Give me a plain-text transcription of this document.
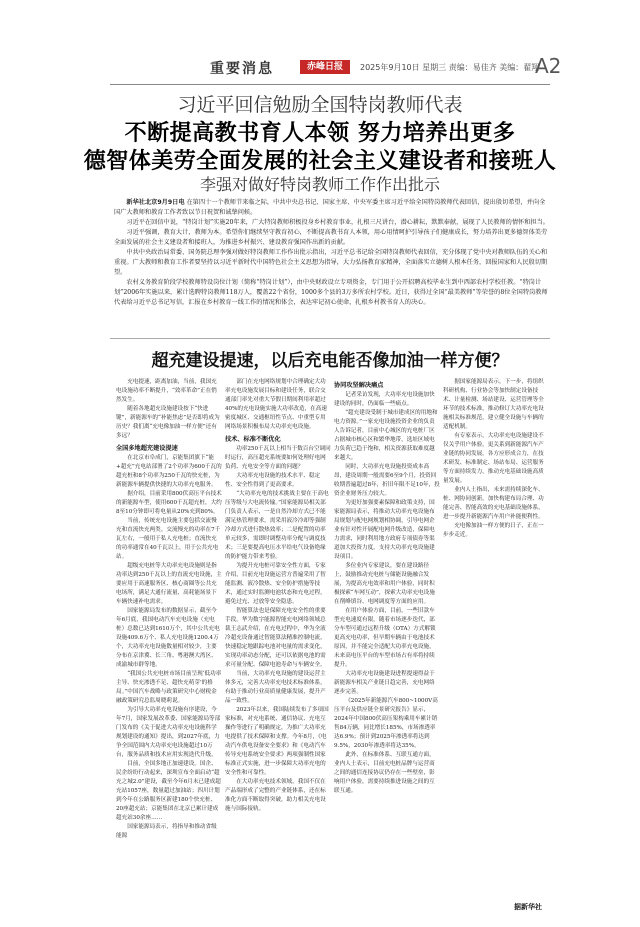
重要消息	赤峰日报	2025年9月10日 星期三 责编：易佳齐 美编：翟翔
A2
习近平回信勉励全国特岗教师代表
不断提高教书育人本领 努力培养出更多
德智体美劳全面发展的社会主义建设者和接班人
李强对做好特岗教师工作作出批示

新华社北京9月9日电 在第四十一个教师节来临之际，中共中央总书记、国家主席、中央军委主席习近平给全国特岗教师代表回信，提出殷切希望，并向全国广大教师和教育工作者致以节日祝贺和诚挚问候。

习近平在回信中说，“特岗计划”实施20年来，广大特岗教师积极投身乡村教育事业，扎根三尺讲台，潜心耕耘，默默奉献，展现了人民教师的情怀和担当。

习近平强调，教育大计，教师为本。希望你们继续坚守教育初心，不断提高教书育人本领，用心用情呵护引导孩子们健康成长，努力培养出更多德智体美劳全面发展的社会主义建设者和接班人，为推进乡村振兴、建设教育强国作出新的贡献。

中共中央政治局常委、国务院总理李强对做好特岗教师工作作出批示指出，习近平总书记给全国特岗教师代表回信，充分体现了党中央对教师队伍的关心和重视。广大教师和教育工作者要坚持以习近平新时代中国特色社会主义思想为指导，大力弘扬教育家精神，全面落实立德树人根本任务，回报国家和人民殷切期望。

农村义务教育阶段学校教师特设岗位计划（简称“特岗计划”），由中央财政设立专项资金，专门用于公开招聘高校毕业生到中西部农村学校任教。“特岗计划”2006年实施以来，累计选聘特岗教师118万人，覆盖22个省份，1000多个县的3万多所农村学校。近日，获得过全国“最美教师”等荣誉的8位全国特岗教师代表给习近平总书记写信，汇报在乡村教育一线工作的情况和体会，表达牢记初心使命，扎根乡村教书育人的决心。

超充建设提速，以后充电能否像加油一样方便？

充电提速，距离加油，当前，我国充电设施功率不断提升，“效率革命”正在悄然发生。

随着各地超充设施建设按下“快进键”，新能源车的“补能焦虑”是否即将成为历史？我们离“充电像加油一样方便”还有多远？

全国多地超充建设提速

在北京市阜成门，京能集团旗下“能+超充”充电站部署了2个功率为600千瓦的超充桩和8个功率为250千瓦的快充桩，为新能源车辆提供快捷的大功率充电服务。

据介绍，目前采用800伏高压平台技术的新能源车型，使用600千瓦超充桩，大约8至10分钟即可将电量从20%充到80%。

当前，传统充电设施主要包括交流慢充和直流快充两类。交流慢充的功率在7千瓦左右，一般用于私人充电桩；直流快充的功率通常在40千瓦以上，用于公共充电站。

超级充电桩等大功率充电设施则是指功率达到250千瓦以上的直流充电设施，主要应用于高速服务区、核心商圈等公共充电场所，满足大通行流量、高耗能场景下车辆快速补电需求。

国家能源局发布的数据显示，截至今年6月底，我国电动汽车充电设施（充电桩）总数已达到1610万个，其中公共充电设施409.6万个、私人充电设施1200.4万个，大功率充电设施数量相对较少，主要分布在京津冀、长三角、粤港澳大湾区、成渝城市群等地。

“我国公共充电桩市场目前呈现‘低功率主导、快充渗透不足、超快充萌芽’的格局。”中国汽车战略与政策研究中心财税金融政策研究总监周晓莉说。

为引导大功率充电设施有序建设，今年7月，国家发展改革委、国家能源局等部门发布的《关于促进大功率充电设施科学规划建设的通知》提出，到2027年底，力争全国范围内大功率充电设施超过10万台，服务品质和技术应用实现迭代升级。

目前，全国多地正加速建设。国企、民企纷纷行动起来，深圳宣布全面启动“超充之城2.0”建设，截至今年6月末已建成超充站1057座，数量超过加油站；四川计划到今年在公路服务区新建180个快充桩、20座超充站；京能集团在北京已累计建成超充站30余座……

国家能源局表示，将指导和推动省级能源

部门在充电网络规划中合理确定大功率充电设施发展目标和建设任务，联合交通部门率先对重大节假日期间利用率超过40%的充电设施实施大功率改造，在高速密度城区、交通枢纽性节点、中重型专用网络场景积极布局大功率充电设施。

技术、标准不断优化

功率250千瓦以上相当于数百台空调同时运行，高压超充系统要如何处理好电网负荷、充电安全等方面的问题？

大功率充电设施的技术水平、稳定性、安全性得到了更高要求。

“大功率充电的技术挑战主要在于高电压等级与大电流传输。”国家能源局相关部门负责人表示，一是自然冷却方式已不能满足热管理要求，需采用液冷冷却等强制冷却方式进行散热效率；二是配置的功率单元较多，需即时调整功率分配与调度技术；三是要提高电压水平给电气设备绝缘的防护能力带来考验。

为提升充电桩可靠安全性方面，专家介绍，目前充电设施运营方普遍采用了智能监测、液冷散热、安全防护措施等技术，通过实时监测电池状态和充电过程，避免过充、过放等安全隐患。

智能算法也是保障充电安全性的重要手段。华为数字能源智能充电网络领域总裁王志武介绍，在充电过程中，华为全液冷超充设备通过智能算法精准控制电流，快速稳定地跟踪电池对电量的需求变化，实现功率动态分配，还可以依据电池的需求可量分配、保障电池寿命与车辆安全。

当前，大功率充电设施的建设运营主体多元，完善大功率充电技术标准体系，有助于推动行业高质量健康发展，提升产品一致性。

2023年以来，我国陆续发布了多项国家标准，对充电系统、通信协议、充电互操作等进行了明确规定，为推广大功率充电提供了技术保障和支撑。今年8月，《电动汽车供电设备安全要求》和《电动汽车传导充电系统安全要求》两项强制性国家标准正式实施，进一步保障大功率充电的安全性和可靠性。

在大功率充电技术领域，我国不仅在产品端形成了完整的产业链体系，还在标准化方面不断取得突破，助力相关充电设施与国际接轨。

协同攻坚解决痛点

记者采访发现，大功率充电设施加快建设的同时，仍面临一些痛点。

“超充建设受制于城市建成区的用地和电力资源。”一家充电设施投资企业的负责人告诉记者，目前中心城区的充电桩厂区占据城市核心区和繁华地带，选址区域电力负荷已趋于饱和，相关资源获取难度越来越大。

同时，大功率充电设施投资成本高昂，建设周期一般需要6至9个月，投资回收期普遍超过8年，折旧年限不足10年，投资企业财务压力较大。

为更好加强要素保障和政策支持，国家能源局表示，将推动大功率充电设施布局规划与配电网规划相协调，引导电网企业有针对性开展配电网升级改造，保障电力需求，同时利用地方政府专项债券等渠道加大投资力度，支持大功率充电设施建设项目。

多位业内专家建议，要在建设路径上，鼓励推动充电桩与储能设施融合发展，为提高充电效率和用户体验，同时积极探索“车网互动”，探索大功率充电设施在削峰填谷、电网调度等方面的应用。

在用户体验方面，目前，一些旧款车型充电速度有限，随着市场逐步迭代，部分车型可通过远程升级（OTA）方式解锁更高充电功率，但早期车辆由于电池技术原因，并不能完全适配大功率充电设施，未来高电压平台的车型市场占有率将持续提升。

大功率充电设施建设进程提速得益于新能源车相关产业链日趋完善，充电网络逐步完善。

《2025年新能源汽车800~1000V高压平台及供应链全景研究报告》显示，2024年中国800伏高压架构乘用车累计销售84万辆，同比增长185%，市场渗透率达6.9%；预计到2025年渗透率将达到9.5%，2030年渗透率将达35%。

此外，在标准体系、互联互通方面，业内人士表示，目前充电桩品牌与运营商之间的通信连接协议仍存在一些壁垒，影响用户体验，需要持续推进设施之间的互联互通。

据国家能源局表示，下一步，将组织科研机构、行业协会等加快制定设备技术、计量检测、场站建设、运营管理等全环节的技术标准，推动修订大功率充电设施相关标准规范，建立健全设施与车辆的适配机制。

有专家表示，大功率充电设施建设不仅关乎用户体验，更关系到新能源汽车产业链的协同发展。各方应形成合力，在技术研发、标准制定、场站布局、运营服务等方面持续发力，推动充电基础设施高质量发展。

业内人士指出，未来需持续深化车、桩、网协同创新，加快构建布局合理、功能完善、智能高效的充电基础设施体系，进一步提升新能源汽车用户补能便利性。

充电像加油一样方便的日子，正在一步步走近。

据新华社
